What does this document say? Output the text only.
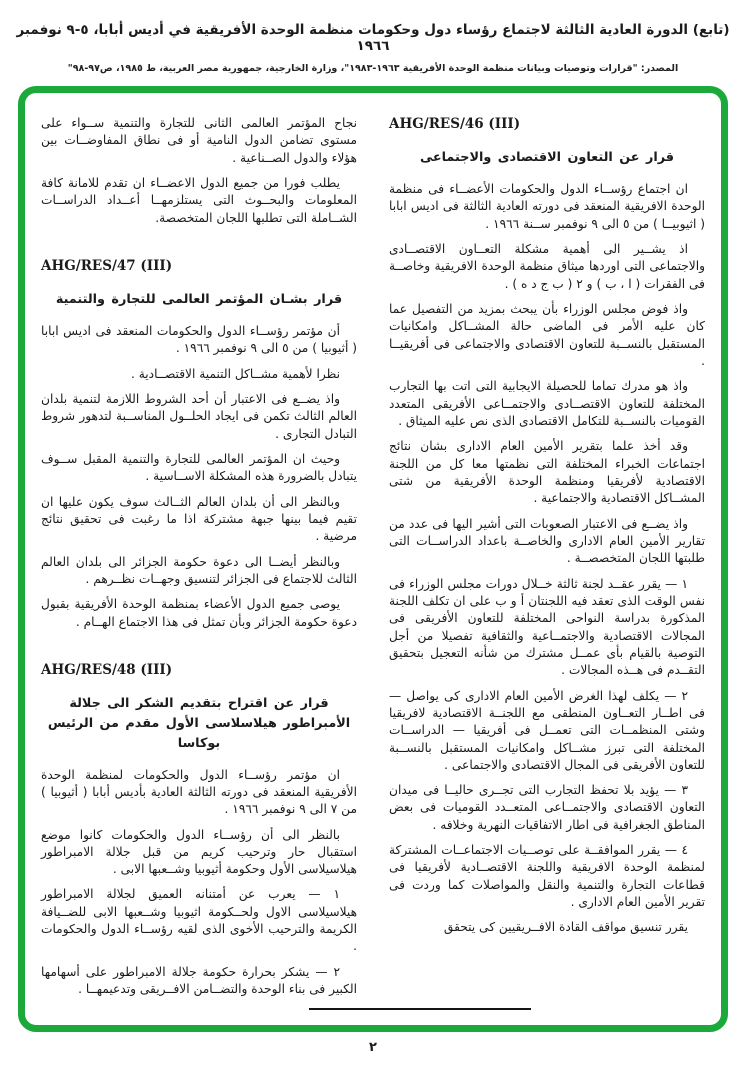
(تابع) الدورة العادية الثالثة لاجتماع رؤساء دول وحكومات منظمة الوحدة الأفريقية في أديس أبابا، ٥-٩ نوفمبر ١٩٦٦
المصدر: "قرارات وتوصيات وبيانات منظمة الوحدة الأفريقية ١٩٦٣-١٩٨٣"، وزارة الخارجية، جمهورية مصر العربية، ط ١٩٨٥، ص٩٧-٩٨"
AHG/RES/46 (III)
قرار عن التعاون الاقتصادى والاجتماعى

ان اجتماع رؤســاء الدول والحكومات الأعضــاء فى منظمة الوحدة الافريقية المنعقد فى دورته العادية الثالثة فى اديس ابابا ( اثيوبيــا ) من ٥ الى ٩ نوفمبر ســنة ١٩٦٦ .

اذ يشــير الى أهمية مشكلة التعــاون الاقتصــادى والاجتماعى التى اوردها ميثاق منظمة الوحدة الافريقية وخاصــة فى الفقرات ( ا ، ب ) و ٢ ( ب ج د ه ) .

واذ فوض مجلس الوزراء بأن يبحث بمزيد من التفصيل عما كان عليه الأمر فى الماضى حالة المشــاكل وامكانيات المستقبل بالنســبة للتعاون الاقتصادى والاجتماعى فى أفريقيــا .

واذ هو مدرك تماما للحصيلة الايجابية التى اتت بها التجارب المختلفة للتعاون الاقتصــادى والاجتمــاعى الأفريقى المتعدد القوميات بالنســبة للتكامل الاقتصادى الذى نص عليه الميثاق .

وقد أخذ علما بتقرير الأمين العام الادارى بشان نتائج اجتماعات الخبراء المختلفة التى نظمتها معا كل من اللجنة الاقتصادية لأفريقيا ومنظمة الوحدة الأفريقية من شتى المشــاكل الاقتصادية والاجتماعية .

واذ يضــع فى الاعتبار الصعوبات التى أشير اليها فى عدد من تقارير الأمين العام الادارى والخاصــة باعداد الدراســات التى طلبتها اللجان المتخصصــة .

١ — يقرر عقــد لجنة ثالثة خــلال دورات مجلس الوزراء فى نفس الوقت الذى تعقد فيه اللجنتان أ و ب على ان تكلف اللجنة المذكورة بدراسة النواحى المختلفة للتعاون الأفريقى فى المجالات الاقتصادية والاجتمــاعية والثقافية تفصيلا من أجل التوصية بالقيام بأى عمــل مشترك من شأنه التعجيل بتحقيق التقــدم فى هــذه المجالات .

٢ — يكلف لهذا الغرض الأمين العام الادارى كى يواصل — فى اطــار التعــاون المنطقى مع اللجنــة الاقتصادية لافريقيا وشتى المنظمــات التى تعمــل فى أفريقيا — الدراســات المختلفة التى تبرز مشــاكل وامكانيات المستقبل بالنســبة للتعاون الأفريقى فى المجال الاقتصادى والاجتماعى .

٣ — يؤيد بلا تحفظ التجارب التى تجــرى حاليــا فى ميدان التعاون الاقتصادى والاجتمــاعى المتعــدد القوميات فى بعض المناطق الجغرافية فى اطار الاتفاقيات النهرية وخلافه .

٤ — يقرر الموافقــة على توصــيات الاجتماعــات المشتركة لمنظمة الوحدة الافريقية واللجنة الاقتصــادية لأفريقيا فى قطاعات التجارة والتنمية والنقل والمواصلات كما وردت فى تقرير الأمين العام الادارى .

يقرر تنسيق مواقف القادة الافــريقيين كى يتحقق

نجاح المؤتمر العالمى الثانى للتجارة والتنمية ســواء على مستوى تضامن الدول النامية أو فى نطاق المفاوضــات بين هؤلاء والدول الصــناعية .

يطلب فورا من جميع الدول الاعضــاء ان تقدم للامانة كافة المعلومات والبحــوث التى يستلزمهــا أعــداد الدراســات الشــاملة التى تطلبها اللجان المتخصصة.

AHG/RES/47 (III)
قرار بشـان المؤتمر العالمى للتجارة والتنمية

أن مؤتمر رؤســاء الدول والحكومات المنعقد فى اديس ابابا ( أثيوبيا ) من ٥ الى ٩ نوفمبر ١٩٦٦ .

نظرا لأهمية مشــاكل التنمية الاقتصــادية .

واذ يضــع فى الاعتبار أن أحد الشروط اللازمة لتنمية بلدان العالم الثالث تكمن فى ايجاد الحلــول المناســبة لتدهور شروط التبادل التجارى .

وحيث ان المؤتمر العالمى للتجارة والتنمية المقبل ســوف يتبادل بالضرورة هذه المشكلة الاســاسية .

وبالنظر الى أن بلدان العالم الثــالث سوف يكون عليها ان تقيم فيما بينها جبهة مشتركة اذا ما رغبت فى تحقيق نتائج مرضية .

وبالنظر أيضــا الى دعوة حكومة الجزائر الى بلدان العالم الثالث للاجتماع فى الجزائر لتنسيق وجهــات نظــرهم .

يوصى جميع الدول الأعضاء بمنظمة الوحدة الأفريقية بقبول دعوة حكومة الجزائر وبأن تمثل فى هذا الاجتماع الهــام .

AHG/RES/48 (III)
قرار عن اقتراح بتقديم الشكر الى جلالة الأمبراطور هيلاسلاسى الأول مقدم من الرئيس بوكاسا

ان مؤتمر رؤســاء الدول والحكومات لمنظمة الوحدة الأفريقية المنعقد فى دورته الثالثة العادية بأديس أبابا ( أثيوبيا ) من ٧ الى ٩ نوفمبر ١٩٦٦ .

بالنظر الى أن رؤســاء الدول والحكومات كانوا موضع استقبال حار وترحيب كريم من قبل جلالة الامبراطور هيلاسيلاسى الأول وحكومة أثيوبيا وشــعبها الابى .

١ — يعرب عن أمتنانه العميق لجلالة الامبراطور هيلاسيلاسى الاول ولحــكومة اثيوبيا وشــعبها الابى للضــيافة الكريمة والترحيب الأخوى الذى لقيه رؤســاء الدول والحكومات .

٢ — يشكر بحرارة حكومة جلالة الامبراطور على أسهامها الكبير فى بناء الوحدة والتضــامن الافــريقى وتدعيمهــا .

٢
